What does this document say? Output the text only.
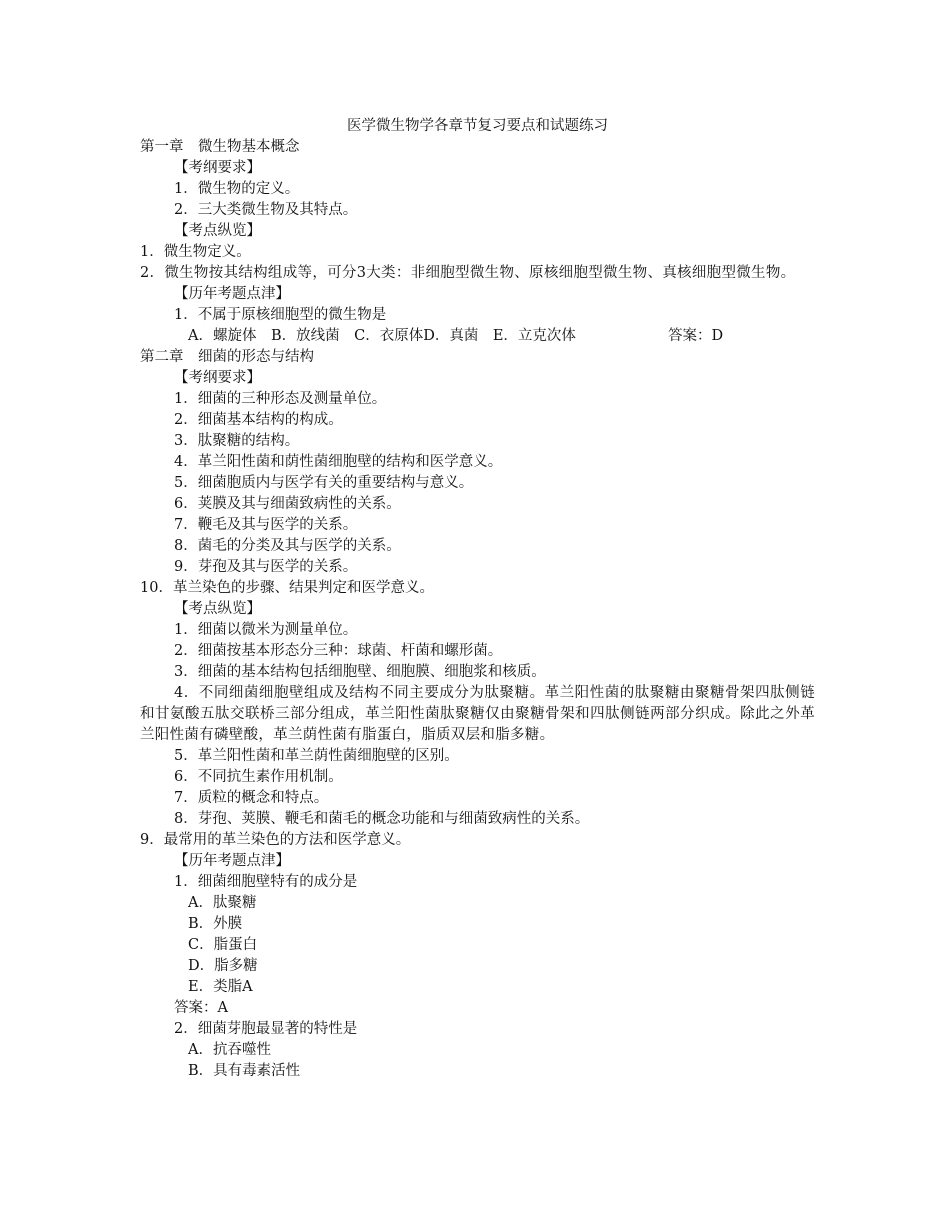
医学微生物学各章节复习要点和试题练习
第一章　微生物基本概念
【考纲要求】
1．微生物的定义。
2．三大类微生物及其特点。
【考点纵览】
1．微生物定义。
2．微生物按其结构组成等，可分3大类：非细胞型微生物、原核细胞型微生物、真核细胞型微生物。
【历年考题点津】
1．不属于原核细胞型的微生物是
A．螺旋体　B．放线菌　C．衣原体D．真菌　E．立克次体	答案：D
第二章　细菌的形态与结构
【考纲要求】
1．细菌的三种形态及测量单位。
2．细菌基本结构的构成。
3．肽聚糖的结构。
4．革兰阳性菌和荫性菌细胞壁的结构和医学意义。
5．细菌胞质内与医学有关的重要结构与意义。
6．荚膜及其与细菌致病性的关系。
7．鞭毛及其与医学的关系。
8．菌毛的分类及其与医学的关系。
9．芽孢及其与医学的关系。
10．革兰染色的步骤、结果判定和医学意义。
【考点纵览】
1．细菌以微米为测量单位。
2．细菌按基本形态分三种：球菌、杆菌和螺形菌。
3．细菌的基本结构包括细胞壁、细胞膜、细胞浆和核质。
4．不同细菌细胞壁组成及结构不同主要成分为肽聚糖。革兰阳性菌的肽聚糖由聚糖骨架四肽侧链和甘氨酸五肽交联桥三部分组成，革兰阳性菌肽聚糖仅由聚糖骨架和四肽侧链两部分织成。除此之外革兰阳性菌有磷壁酸，革兰荫性菌有脂蛋白，脂质双层和脂多糖。
5．革兰阳性菌和革兰荫性菌细胞壁的区别。
6．不同抗生素作用机制。
7．质粒的概念和特点。
8．芽孢、荚膜、鞭毛和菌毛的概念功能和与细菌致病性的关系。
9．最常用的革兰染色的方法和医学意义。
【历年考题点津】
1．细菌细胞壁特有的成分是
A．肽聚糖
B．外膜
C．脂蛋白
D．脂多糖
E．类脂A
答案：A
2．细菌芽胞最显著的特性是
A．抗吞噬性
B．具有毒素活性
